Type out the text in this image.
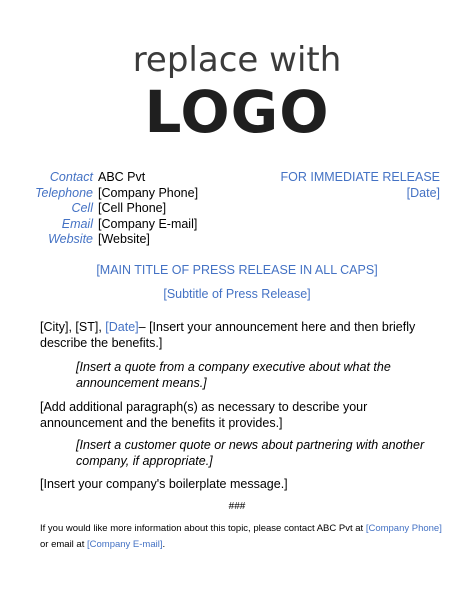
replace with
LOGO
Contact ABC Pvt
Telephone [Company Phone]
Cell [Cell Phone]
Email [Company E-mail]
Website [Website]
FOR IMMEDIATE RELEASE
[Date]
[MAIN TITLE OF PRESS RELEASE IN ALL CAPS]
[Subtitle of Press Release]
[City], [ST], [Date]– [Insert your announcement here and then briefly describe the benefits.]
[Insert a quote from a company executive about what the announcement means.]
[Add additional paragraph(s) as necessary to describe your announcement and the benefits it provides.]
[Insert a customer quote or news about partnering with another company, if appropriate.]
[Insert your company's boilerplate message.]
###
If you would like more information about this topic, please contact ABC Pvt at [Company Phone] or email at [Company E-mail].
